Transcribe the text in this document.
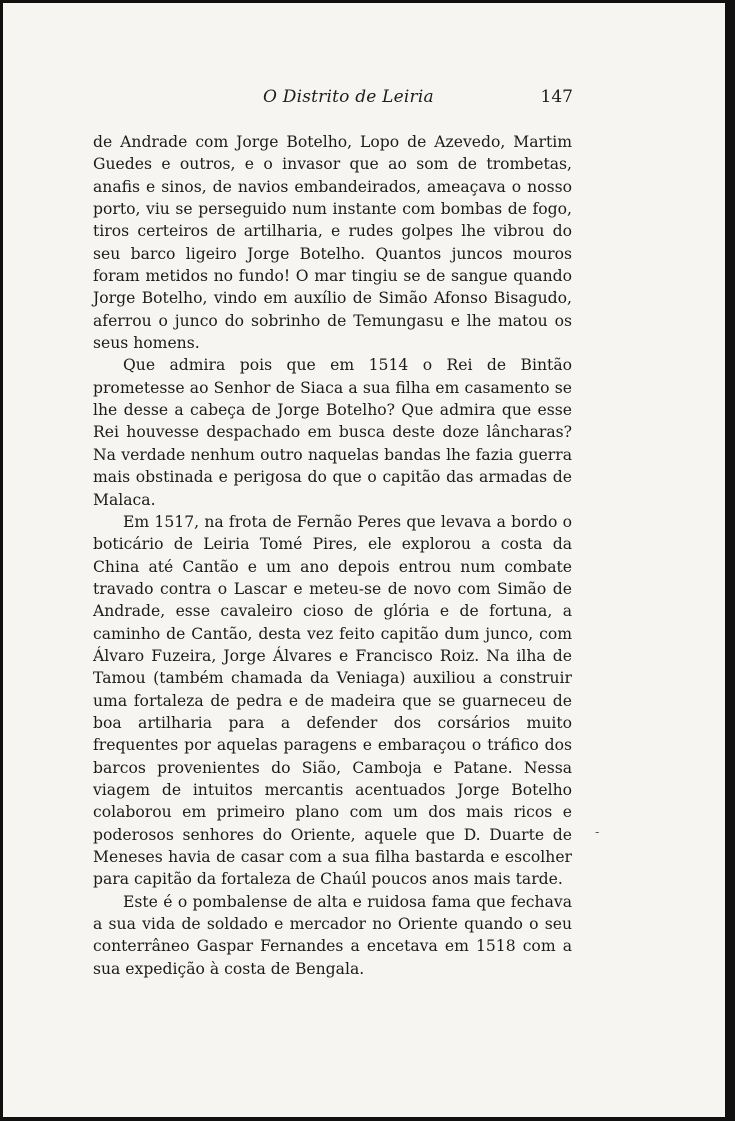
O Distrito de Leiria	147

de Andrade com Jorge Botelho, Lopo de Azevedo, Martim Guedes e outros, e o invasor que ao som de trombetas, anafis e sinos, de navios embandeirados, ameaçava o nosso porto, viu se perseguido num instante com bombas de fogo, tiros certeiros de artilharia, e rudes golpes lhe vibrou do seu barco ligeiro Jorge Botelho. Quantos juncos mouros foram metidos no fundo! O mar tingiu se de sangue quando Jorge Botelho, vindo em auxílio de Simão Afonso Bisagudo, aferrou o junco do sobrinho de Temungasu e lhe matou os seus homens.

Que admira pois que em 1514 o Rei de Bintão prometesse ao Senhor de Siaca a sua filha em casamento se lhe desse a cabeça de Jorge Botelho? Que admira que esse Rei houvesse despachado em busca deste doze lâncharas? Na verdade nenhum outro naquelas bandas lhe fazia guerra mais obstinada e perigosa do que o capitão das armadas de Malaca.

Em 1517, na frota de Fernão Peres que levava a bordo o boticário de Leiria Tomé Pires, ele explorou a costa da China até Cantão e um ano depois entrou num combate travado contra o Lascar e meteu-se de novo com Simão de Andrade, esse cavaleiro cioso de glória e de fortuna, a caminho de Cantão, desta vez feito capitão dum junco, com Álvaro Fuzeira, Jorge Álvares e Francisco Roiz. Na ilha de Tamou (também chamada da Veniaga) auxiliou a construir uma fortaleza de pedra e de madeira que se guarneceu de boa artilharia para a defender dos corsários muito frequentes por aquelas paragens e embaraçou o tráfico dos barcos provenientes do Sião, Camboja e Patane. Nessa viagem de intuitos mercantis acentuados Jorge Botelho colaborou em primeiro plano com um dos mais ricos e poderosos senhores do Oriente, aquele que D. Duarte de Meneses havia de casar com a sua filha bastarda e escolher para capitão da fortaleza de Chaúl poucos anos mais tarde.

Este é o pombalense de alta e ruidosa fama que fechava a sua vida de soldado e mercador no Oriente quando o seu conterrâneo Gaspar Fernandes a encetava em 1518 com a sua expedição à costa de Bengala.

-
